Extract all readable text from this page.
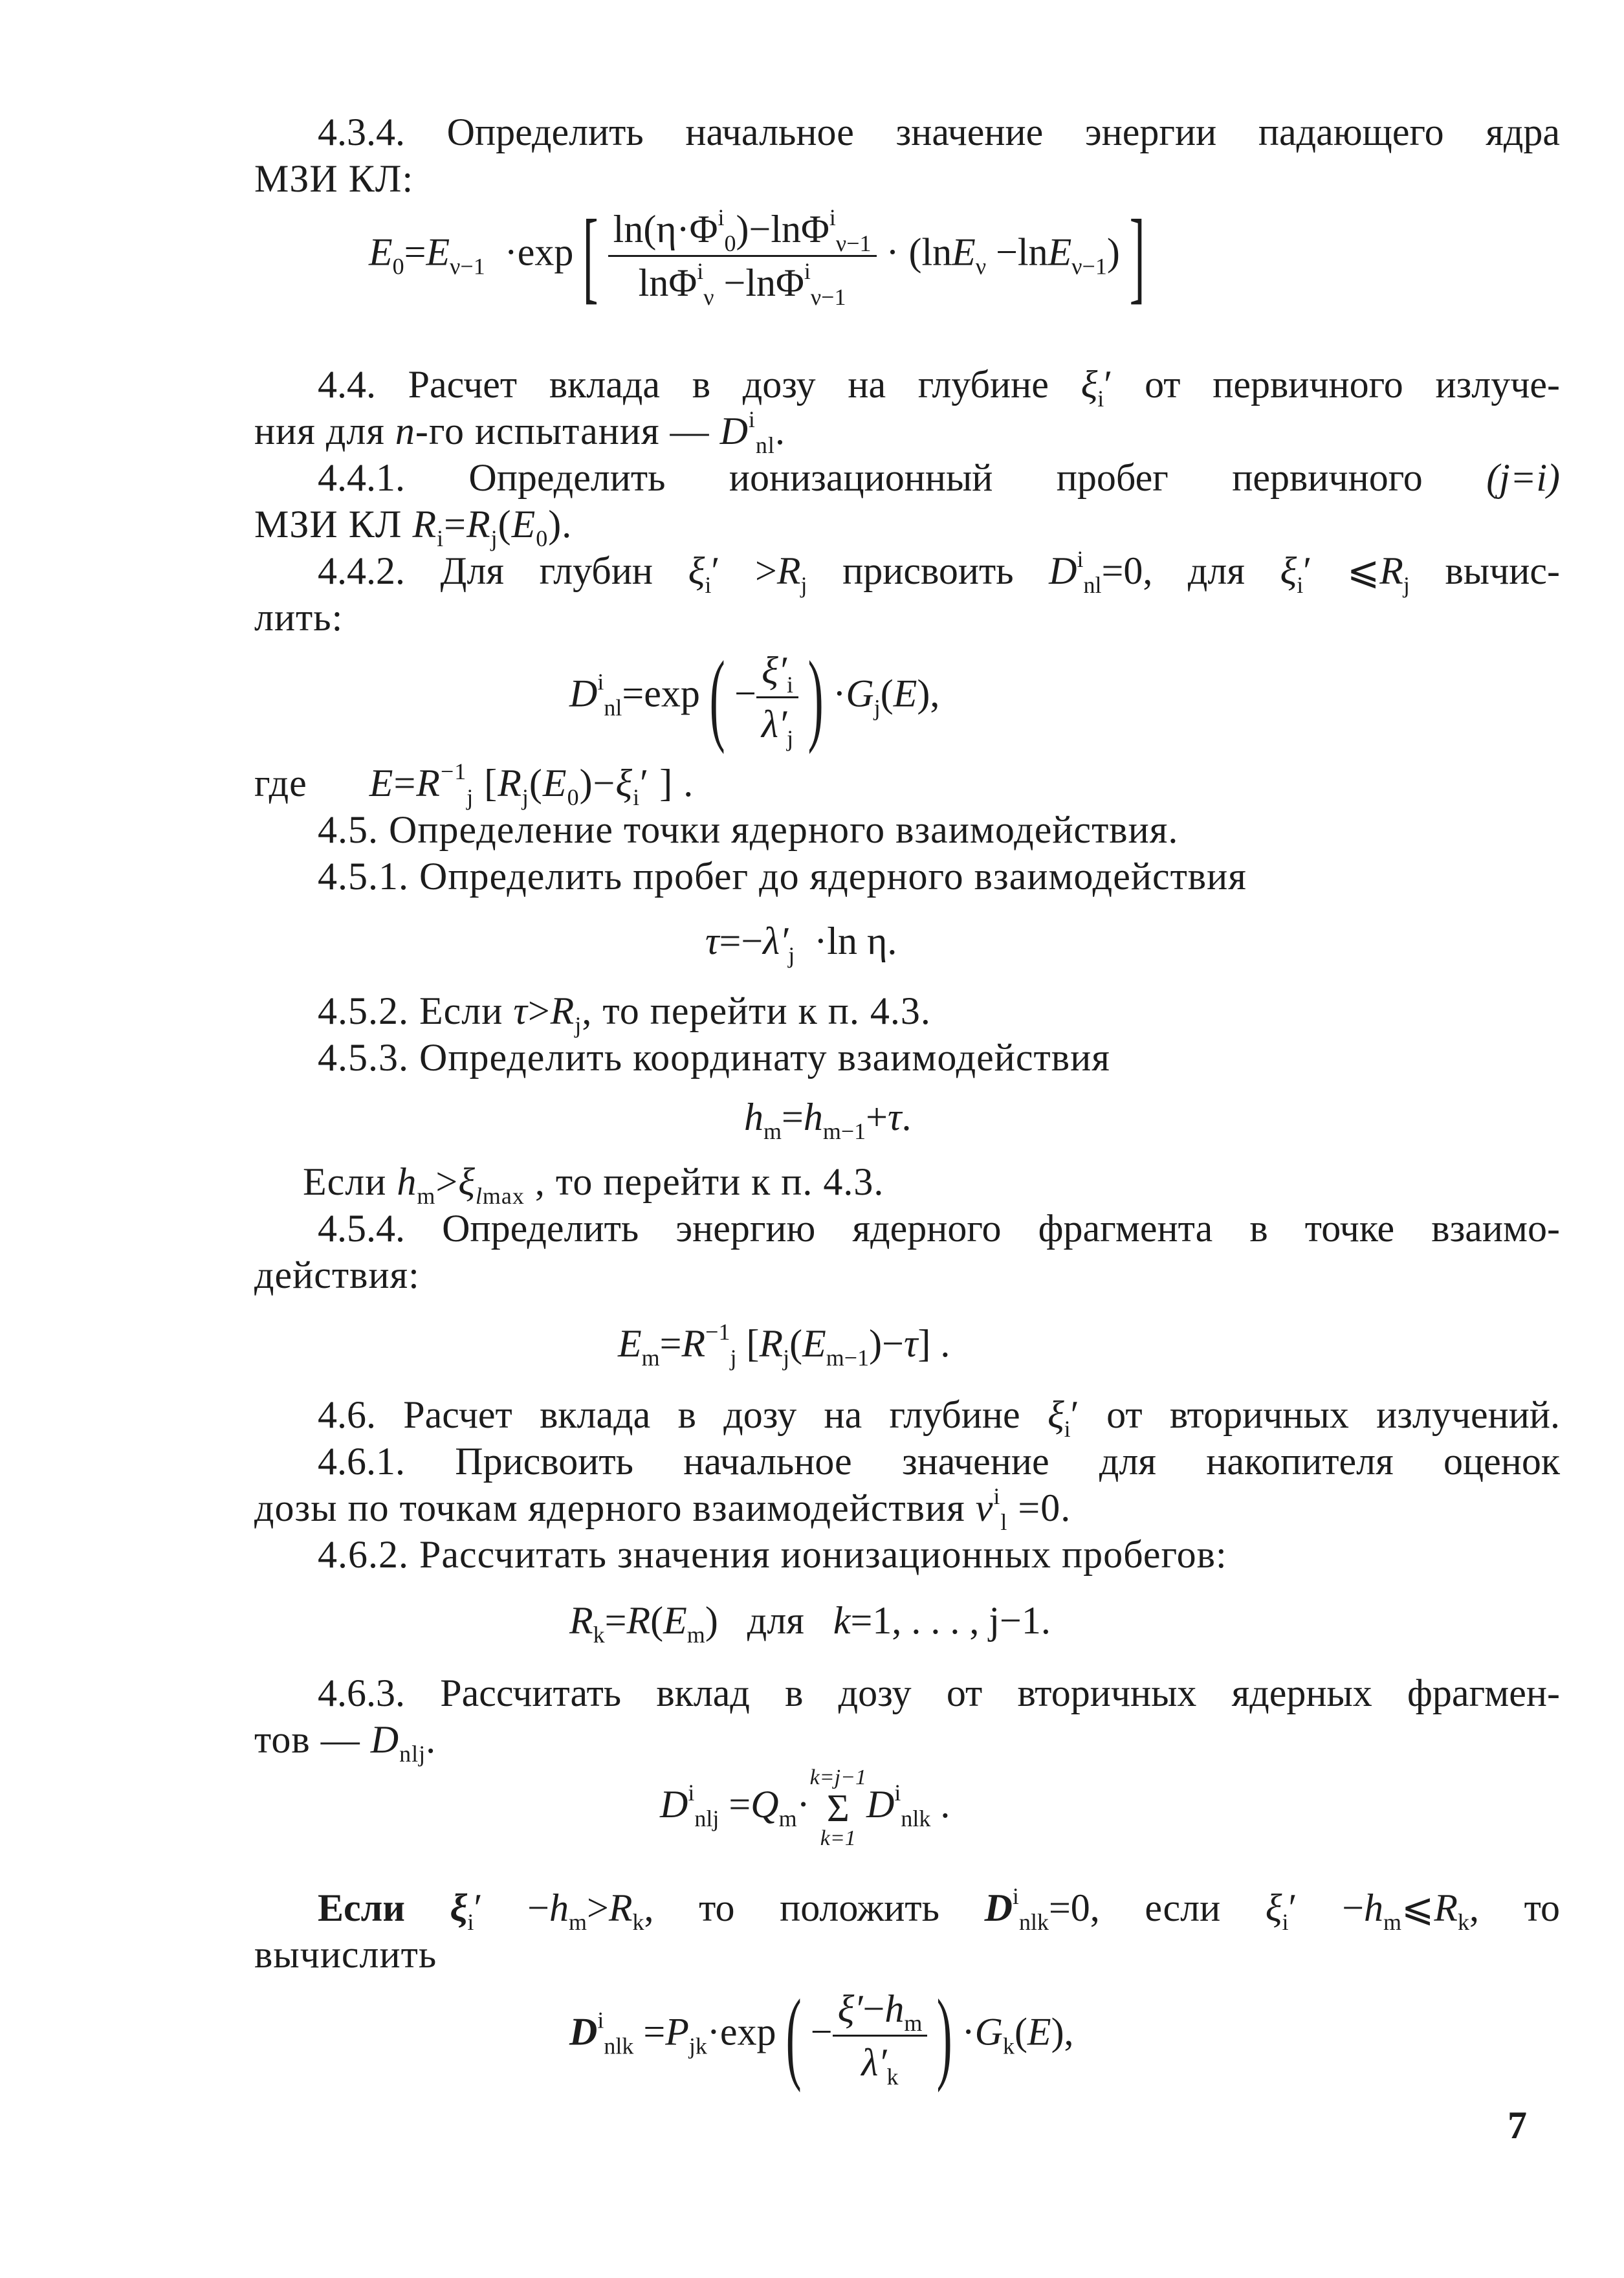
4.3.4. Определить начальное значение энергии падающего ядра
МЗИ КЛ:
$E_0=E_{\nu-1} \cdot\exp[ \frac{\ln(\eta\cdot\Phi^i_0)-\ln\Phi^i_{\nu-1}}{\ln\Phi^i_\nu -\ln\Phi^i_{\nu-1}} \cdot (\ln E_\nu -\ln E_{\nu-1})]$
4.4. Расчет вклада в дозу на глубине $\xi_i'$ от первичного излуче-
ния для n-го испытания — $D^i_{nl}$.
4.4.1. Определить ионизационный пробег первичного (j=i)
МЗИ КЛ $R_i=R_j(E_0)$.
4.4.2. Для глубин $\xi_i' >R_j$ присвоить $D^i_{nl}=0$, для $\xi_i'$ $⩽R_j$ вычис-
лить:
$D^i_{nl}=\exp( - \frac{\xi'_i}{\lambda'_j}$ ) $\cdot G_j(E)$,
где $E=R^{-1}_j$ [$R_j(E_0)-\xi_i'$ ] .
4.5. Определение точки ядерного взаимодействия.
4.5.1. Определить пробег до ядерного взаимодействия
$\tau=-\lambda'_j \cdot\ln$ η.
4.5.2. Если $\tau>R_j$, то перейти к п. 4.3.
4.5.3. Определить координату взаимодействия
$h_m=h_{m-1}+\tau$.
Если $h_m>\xi_{lmax}$ , то перейти к п. 4.3.
4.5.4. Определить энергию ядерного фрагмента в точке взаимо-
действия:
$E_m=R^{-1}_j$ $[R_j(E_{m-1})-\tau]$ .
4.6. Расчет вклада в дозу на глубине $\xi_i'$ от вторичных излучений.
4.6.1. Присвоить начальное значение для накопителя оценок
дозы по точкам ядерного взаимодействия $v^i_l =0$.
4.6.2. Рассчитать значения ионизационных пробегов:
$R_k=R(E_m)$   для k=1, . . . , j−1.
4.6.3. Рассчитать вклад в дозу от вторичных ядерных фрагмен-
тов — $D_{nlj}$.
$D^i_{nlj} =Q_m\cdot$
k=j−1
Σ
k=1
$D^i_{nlk}$ .
Если $\xi_i' -h_m>R_k$, то положить $D^i_{nlk}=0$, если $\xi_i'$ $-h_m⩽R_k$, то
вычислить
$D^i_{nlk} =P_{jk}\cdot\exp( - \frac{\xi'-h_m}{\lambda'_k}$ ) $\cdot G_k(E)$,
7
